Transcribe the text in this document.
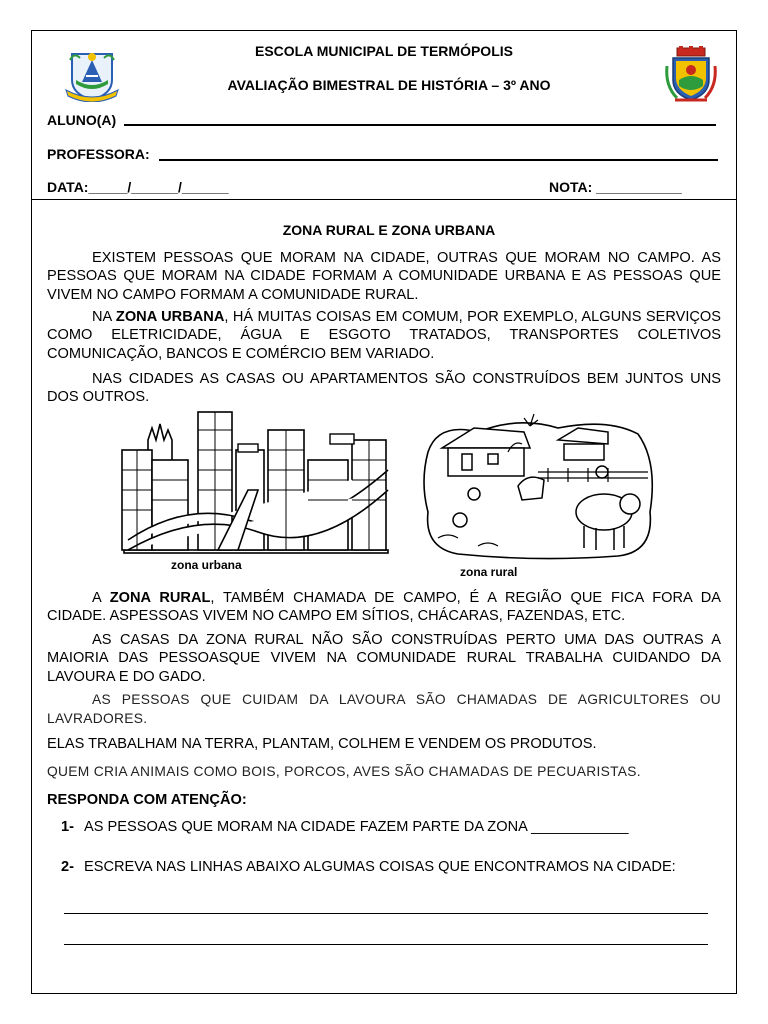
ESCOLA MUNICIPAL DE TERMÓPOLIS
AVALIAÇÃO BIMESTRAL DE HISTÓRIA – 3º ANO
ALUNO(A)
PROFESSORA:
DATA:_____/______/______	NOTA: ___________
ZONA RURAL E ZONA URBANA
EXISTEM PESSOAS QUE MORAM NA CIDADE, OUTRAS QUE MORAM NO CAMPO. AS PESSOAS QUE MORAM NA CIDADE FORMAM A COMUNIDADE URBANA E AS PESSOAS QUE VIVEM NO CAMPO FORMAM A COMUNIDADE RURAL.
NA ZONA URBANA, HÁ MUITAS COISAS EM COMUM, POR EXEMPLO, ALGUNS SERVIÇOS COMO ELETRICIDADE, ÁGUA E ESGOTO TRATADOS, TRANSPORTES COLETIVOS COMUNICAÇÃO, BANCOS E COMÉRCIO BEM VARIADO.
NAS CIDADES AS CASAS OU APARTAMENTOS SÃO CONSTRUÍDOS BEM JUNTOS UNS DOS OUTROS.
zona urbana	zona rural
A ZONA RURAL, TAMBÉM CHAMADA DE CAMPO, É A REGIÃO QUE FICA FORA DA CIDADE. ASPESSOAS VIVEM NO CAMPO EM SÍTIOS, CHÁCARAS, FAZENDAS, ETC.
AS CASAS DA ZONA RURAL NÃO SÃO CONSTRUÍDAS PERTO UMA DAS OUTRAS A MAIORIA DAS PESSOASQUE VIVEM NA COMUNIDADE RURAL TRABALHA CUIDANDO DA LAVOURA E DO GADO.
AS PESSOAS QUE CUIDAM DA LAVOURA SÃO CHAMADAS DE AGRICULTORES OU LAVRADORES.
ELAS TRABALHAM NA TERRA, PLANTAM, COLHEM E VENDEM OS PRODUTOS.
QUEM CRIA ANIMAIS COMO BOIS, PORCOS, AVES SÃO CHAMADAS DE PECUARISTAS.
RESPONDA COM ATENÇÃO:
1- AS PESSOAS QUE MORAM NA CIDADE FAZEM PARTE DA ZONA ____________
2- ESCREVA NAS LINHAS ABAIXO ALGUMAS COISAS QUE ENCONTRAMOS NA CIDADE:
